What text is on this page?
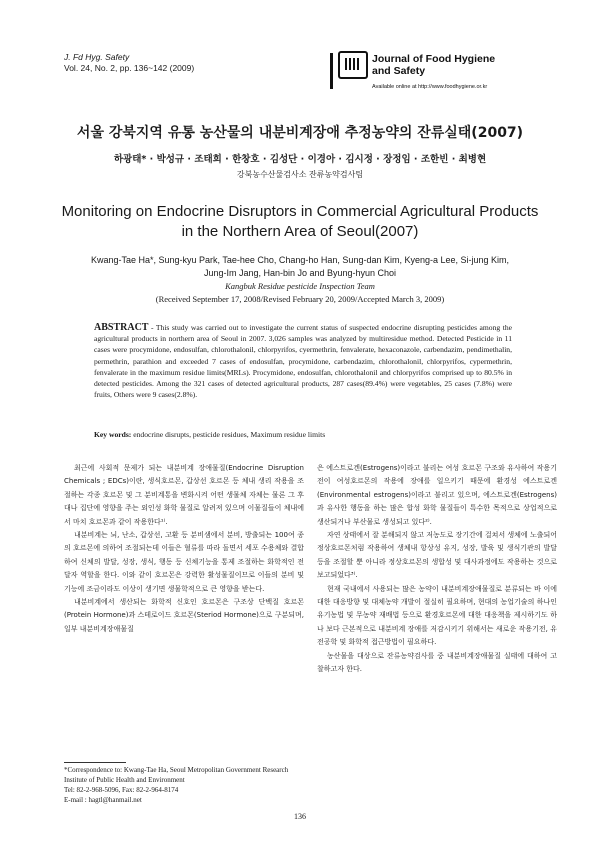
J. Fd Hyg. Safety
Vol. 24, No. 2, pp. 136~142 (2009)
Journal of Food Hygiene
and Safety
Available online at http://www.foodhygiene.or.kr
서울 강북지역 유통 농산물의 내분비계장애 추정농약의 잔류실태(2007)
하광태* · 박성규 · 조태희 · 한창호 · 김성단 · 이경아 · 김시정 · 장정임 · 조한빈 · 최병현
강북농수산물검사소 잔류농약검사팀
Monitoring on Endocrine Disruptors in Commercial Agricultural Products in the Northern Area of Seoul(2007)
Kwang-Tae Ha*, Sung-kyu Park, Tae-hee Cho, Chang-ho Han, Sung-dan Kim, Kyeng-a Lee, Si-jung Kim, Jung-Im Jang, Han-bin Jo and Byung-hyun Choi
Kangbuk Residue pesticide Inspection Team
(Received September 17, 2008/Revised February 20, 2009/Accepted March 3, 2009)
ABSTRACT - This study was carried out to investigate the current status of suspected endocrine disrupting pesticides among the agricultural products in northern area of Seoul in 2007. 3,026 samples was analyzed by multiresidue method. Detected Pesticide in 11 cases were procymidone, endosulfan, chlorothalonil, chlorpyrifos, cyermethrin, fenvalerate, hexaconazole, carbendazim, pendimethalin, permethrin, parathion and exceeded 7 cases of endosulfan, procymidone, carbendazim, chlorothalonil, chlorpyrifos, cypermethrin, fenvalerate in the maximum residue limits(MRLs). Procymidone, endosulfan, chlorothalonil and chlorpyrifos comprised up to 80.5% in detected pesticides. Among the 321 cases of detected agricultural products, 287 cases(89.4%) were vegetables, 25 cases (7.8%) were fruits, Others were 9 cases(2.8%).
Key words: endocrine disrupts, pesticide residues, Maximum residue limits

최근에 사회적 문제가 되는 내분비계 장애물질(Endocrine Disruption Chemicals ; EDCs)이란, 생식호르몬, 갑상선 호르몬 등 체내 생리 작용을 조절하는 각종 호르몬 및 그 분비계통을 변화시켜 어떤 생물체 자체는 물론 그 후대나 집단에 영향을 주는 외인성 화학 물질로 알려져 있으며 이물질들이 체내에서 마치 호르몬과 같이 작용한다¹⁾.

내분비계는 뇌, 난소, 갑상선, 고환 등 분비샘에서 분비, 방출되는 100여 종의 호르몬에 의하여 조절되는데 이들은 혈류를 따라 돌면서 세포 수용체와 결합하여 신체의 발달, 성장, 생식, 행동 등 신체기능을 통제 조절하는 화학적인 전달자 역할을 한다. 이와 같이 호르몬은 강력한 활성물질이므로 이들의 분비 및 기능에 조금이라도 이상이 생기면 생물학적으로 큰 영향을 받는다.

내분비계에서 생산되는 화학적 신호인 호르몬은 구조상 단백질 호르몬(Protein Hormone)과 스테로이드 호르몬(Steriod Hormone)으로 구분되며, 일부 내분비계장애물질

은 에스트로겐(Estrogens)이라고 불리는 여성 호르몬 구조와 유사하여 작용기전이 여성호르몬의 작용에 장애를 일으키기 때문에 환경성 에스트로겐(Environmental estrogens)이라고 불리고 있으며, 에스트로겐(Estrogens)과 유사한 행동을 하는 많은 합성 화학 물질들이 특수한 목적으로 상업적으로 생산되거나 부산물로 생성되고 있다²⁾.

자연 상태에서 잘 분해되지 않고 저농도로 장기간에 걸쳐서 생체에 노출되어 정상호르몬처럼 작용하여 생체내 항상성 유지, 성장, 발육 및 생식기관의 발달 등을 조절할 뿐 아니라 정상호르몬의 생합성 및 대사과정에도 작용하는 것으로 보고되었다³⁾.

현재 국내에서 사용되는 많은 농약이 내분비계장애물질로 분류되는 바 이에 대한 대응방향 및 대체농약 개발이 절실히 필요하며, 현대의 농업기술의 하나인 유기농법 및 무농약 재배법 등으로 환경호르몬에 대한 대응책을 제시하기도 하나 보다 근본적으로 내분비계 장애를 저감시키기 위해서는 새로운 작용기전, 유전공학 및 화학적 접근방법이 필요하다.

농산물을 대상으로 잔류농약검사를 중 내분비계장애물질 실태에 대하여 고찰하고자 한다.

*Correspondence to: Kwang-Tae Ha, Seoul Metropolitan Government Research Institute of Public Health and Environment
Tel: 82-2-968-5096, Fax: 82-2-964-8174
E-mail : hagtl@hanmail.net
136
